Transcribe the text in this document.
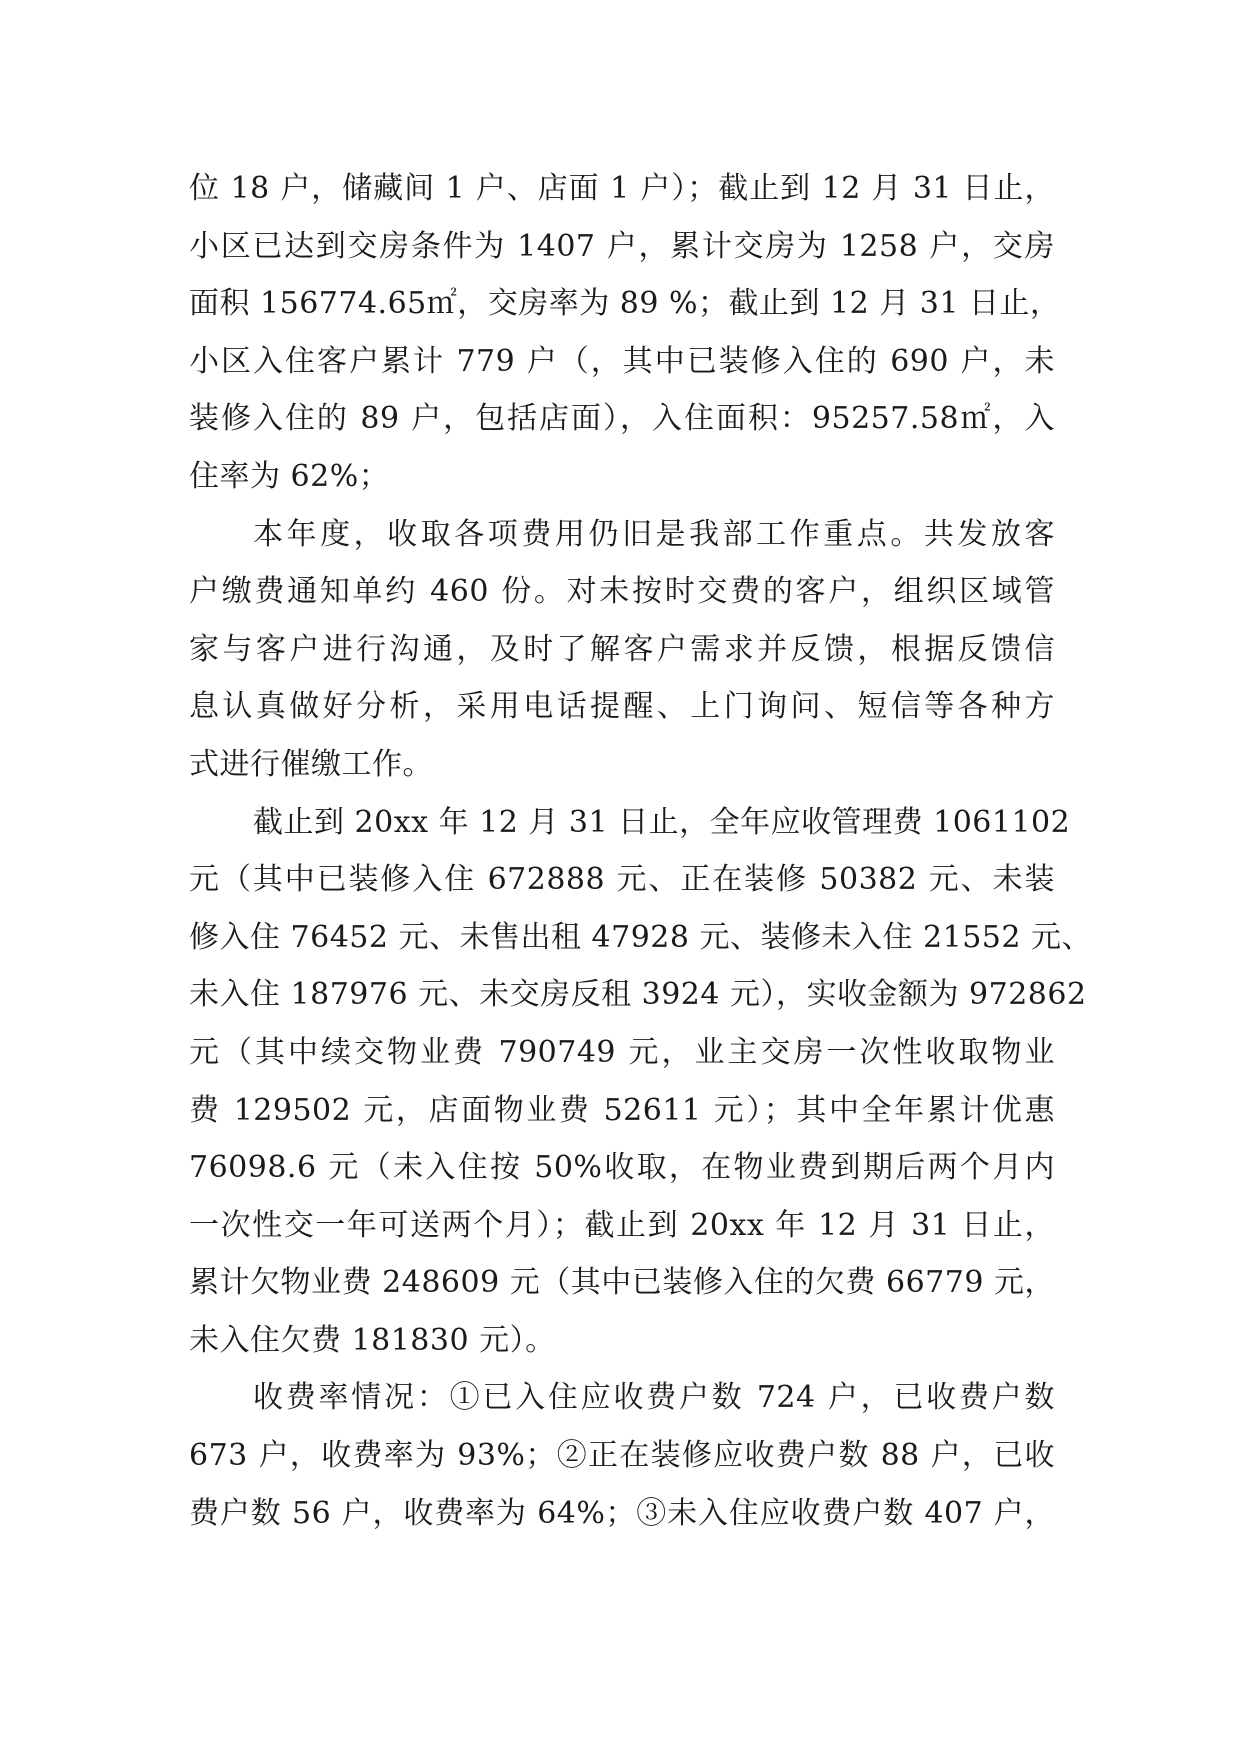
位 18 户，储藏间 1 户、店面 1 户）；截止到 12 月 31 日止，
小区已达到交房条件为 1407 户，累计交房为 1258 户，交房
面积 156774.65㎡，交房率为 89 %；截止到 12 月 31 日止，
小区入住客户累计 779 户（，其中已装修入住的 690 户，未
装修入住的 89 户，包括店面），入住面积：95257.58㎡，入
住率为 62%；
本年度，收取各项费用仍旧是我部工作重点。共发放客
户缴费通知单约 460 份。对未按时交费的客户，组织区域管
家与客户进行沟通，及时了解客户需求并反馈，根据反馈信
息认真做好分析，采用电话提醒、上门询问、短信等各种方
式进行催缴工作。
截止到 20xx 年 12 月 31 日止，全年应收管理费 1061102
元（其中已装修入住 672888 元、正在装修 50382 元、未装
修入住 76452 元、未售出租 47928 元、装修未入住 21552 元、
未入住 187976 元、未交房反租 3924 元），实收金额为 972862
元（其中续交物业费 790749 元，业主交房一次性收取物业
费 129502 元，店面物业费 52611 元）；其中全年累计优惠
76098.6 元（未入住按 50%收取，在物业费到期后两个月内
一次性交一年可送两个月）；截止到 20xx 年 12 月 31 日止，
累计欠物业费 248609 元（其中已装修入住的欠费 66779 元，
未入住欠费 181830 元）。
收费率情况：①已入住应收费户数 724 户，已收费户数
673 户，收费率为 93%；②正在装修应收费户数 88 户，已收
费户数 56 户，收费率为 64%；③未入住应收费户数 407 户，
